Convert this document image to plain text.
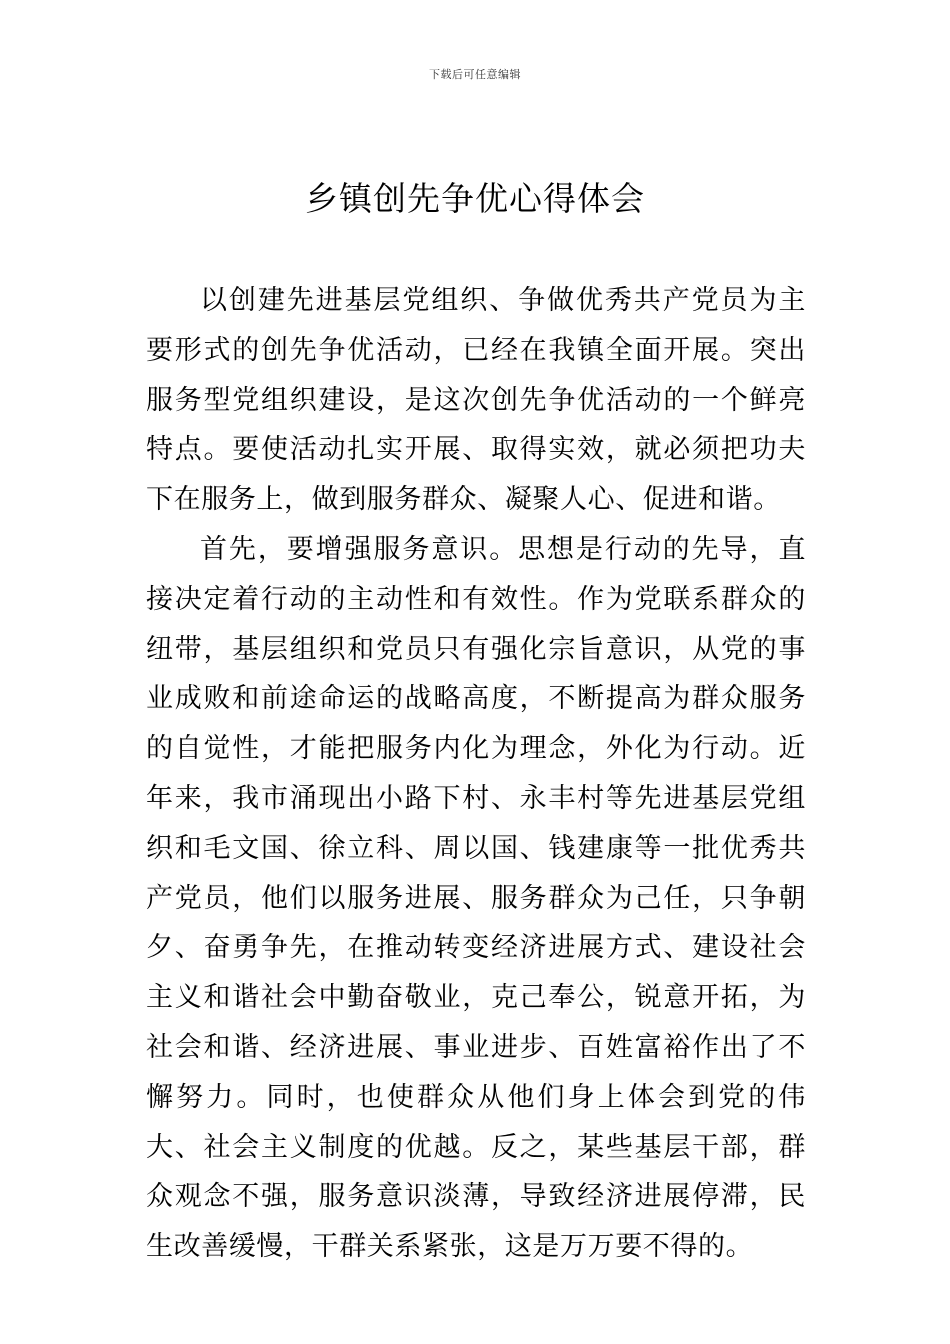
下载后可任意编辑
乡镇创先争优心得体会

以创建先进基层党组织、争做优秀共产党员为主要形式的创先争优活动，已经在我镇全面开展。突出服务型党组织建设，是这次创先争优活动的一个鲜亮特点。要使活动扎实开展、取得实效，就必须把功夫下在服务上，做到服务群众、凝聚人心、促进和谐。

首先，要增强服务意识。思想是行动的先导，直接决定着行动的主动性和有效性。作为党联系群众的纽带，基层组织和党员只有强化宗旨意识，从党的事业成败和前途命运的战略高度，不断提高为群众服务的自觉性，才能把服务内化为理念，外化为行动。近年来，我市涌现出小路下村、永丰村等先进基层党组织和毛文国、徐立科、周以国、钱建康等一批优秀共产党员，他们以服务进展、服务群众为己任，只争朝夕、奋勇争先，在推动转变经济进展方式、建设社会主义和谐社会中勤奋敬业，克己奉公，锐意开拓，为社会和谐、经济进展、事业进步、百姓富裕作出了不懈努力。同时，也使群众从他们身上体会到党的伟大、社会主义制度的优越。反之，某些基层干部，群众观念不强，服务意识淡薄，导致经济进展停滞，民生改善缓慢，干群关系紧张，这是万万要不得的。
